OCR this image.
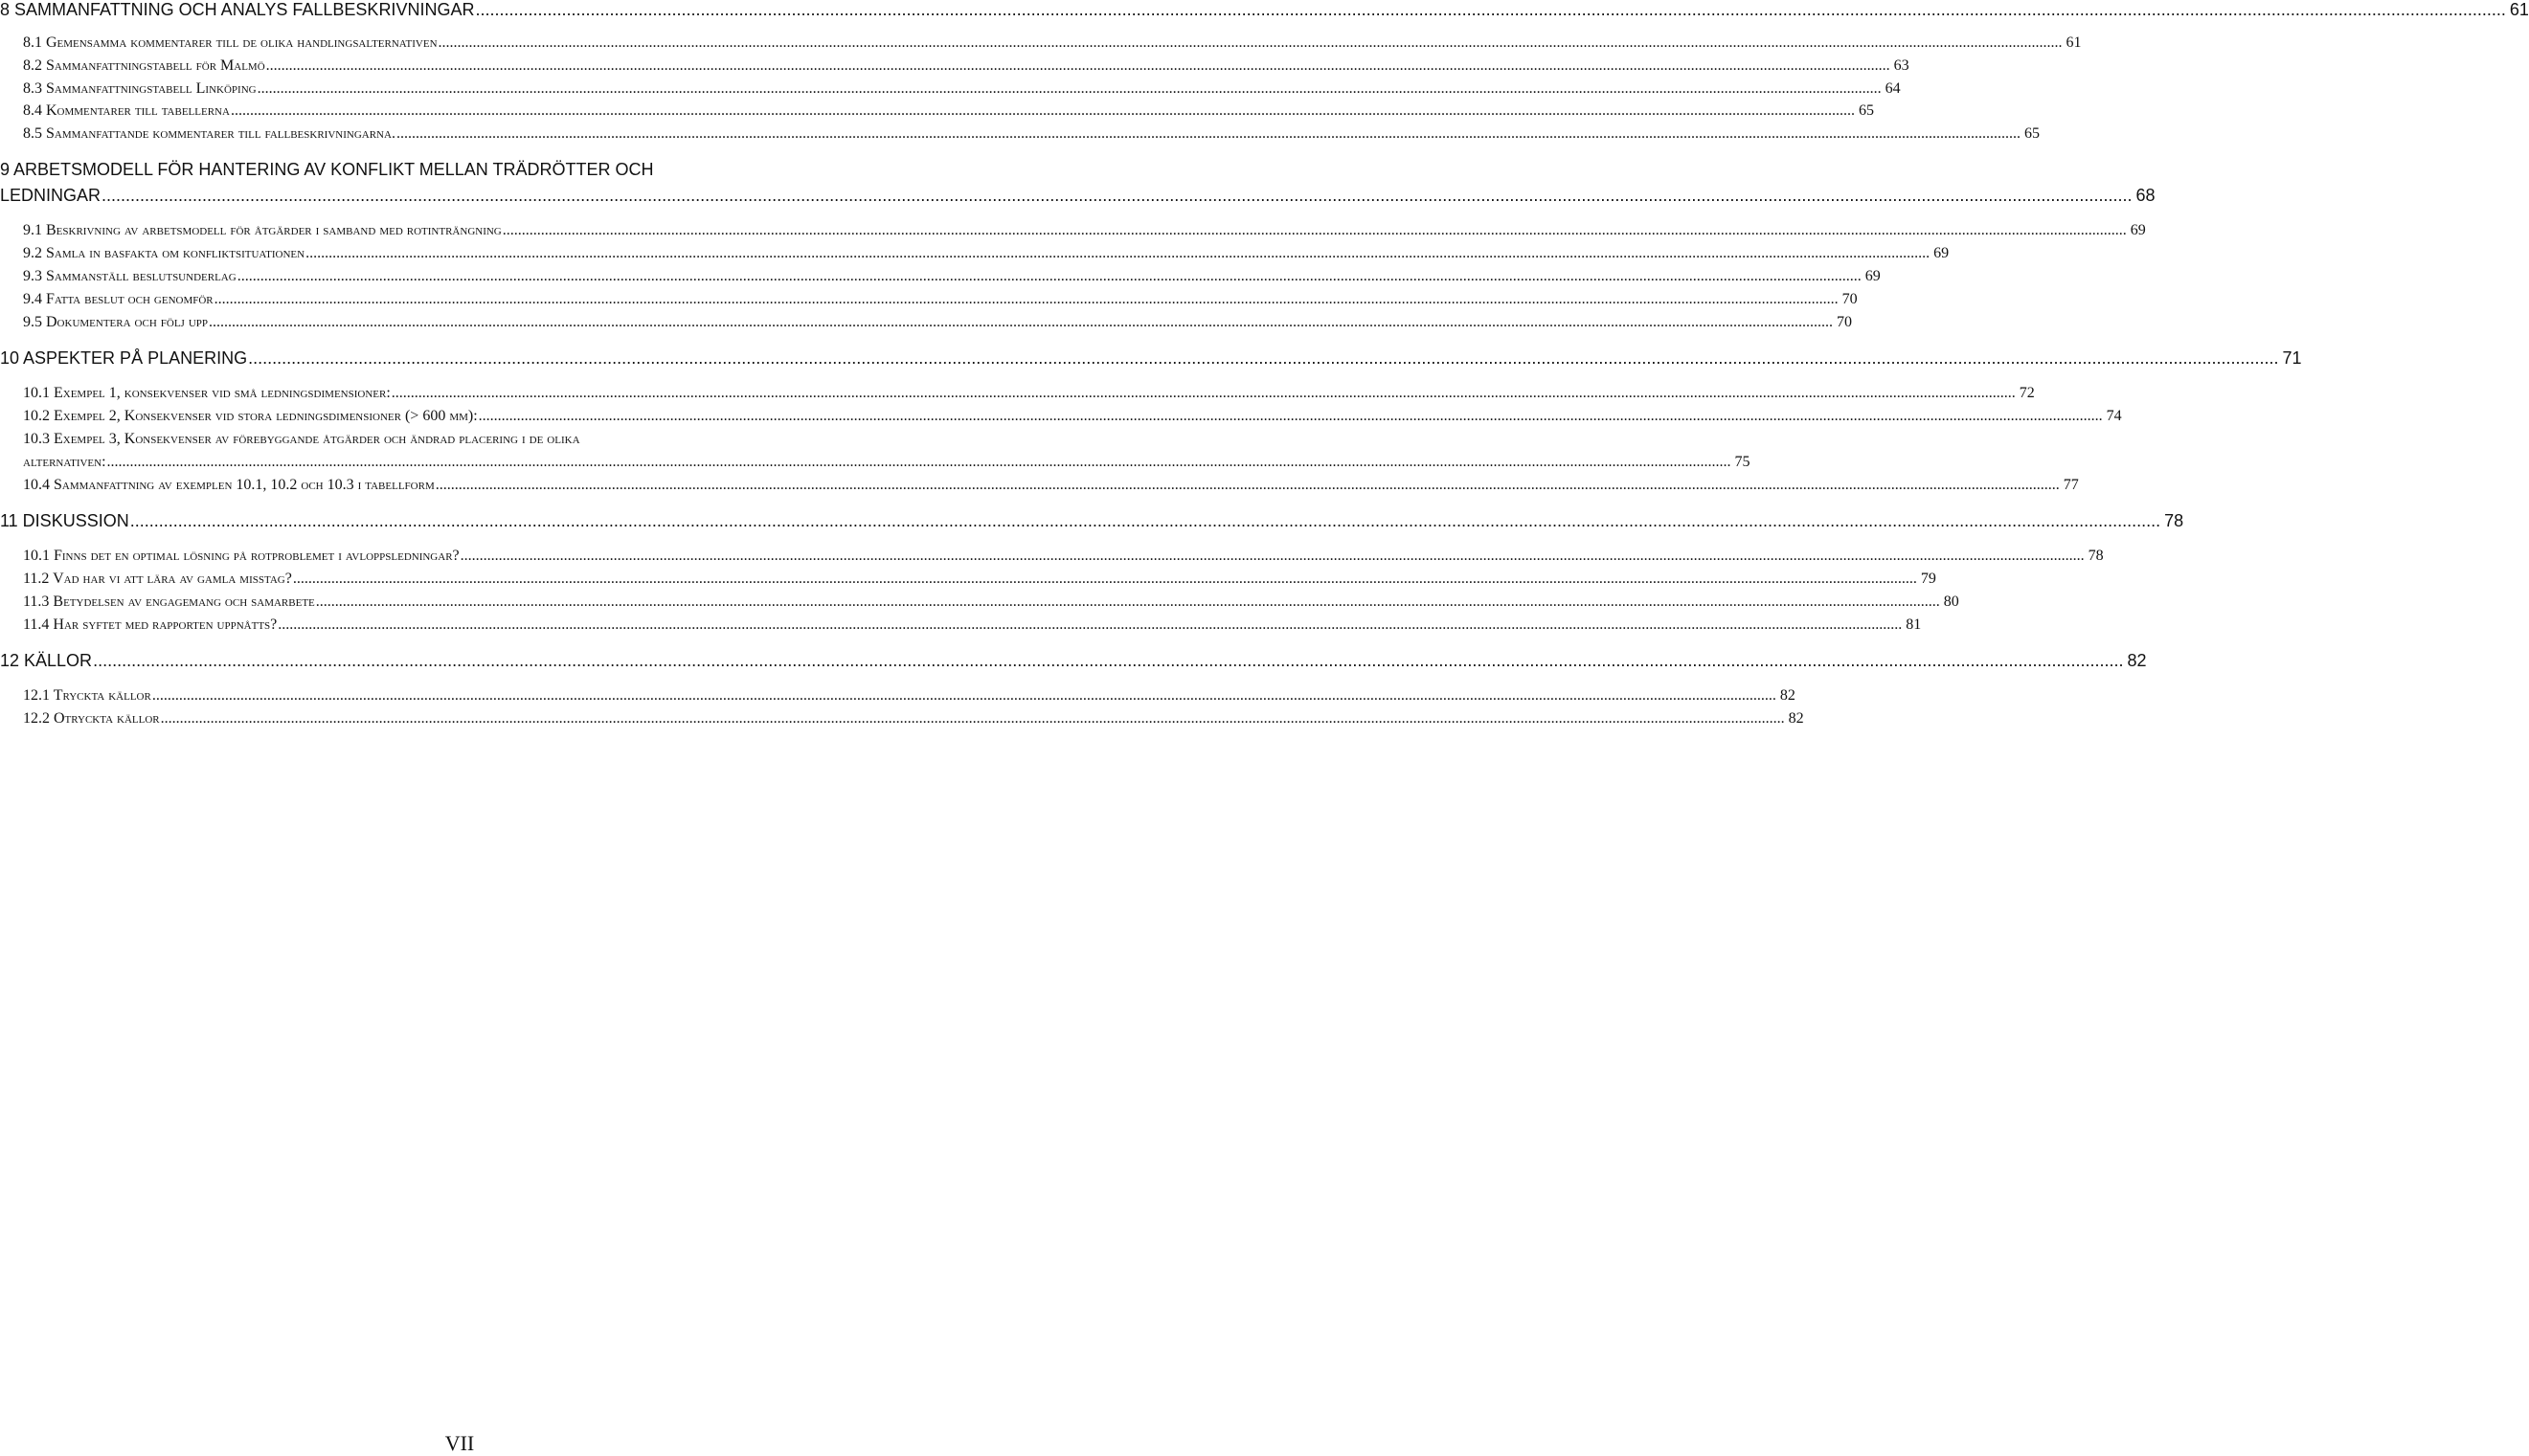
8 SAMMANFATTNING OCH ANALYS FALLBESKRIVNINGAR .....	61
8.1 Gemensamma kommentarer till de olika handlingsalternativen .....	61
8.2 Sammanfattningstabell för Malmö .....	63
8.3 Sammanfattningstabell Linköping .....	64
8.4 Kommentarer till tabellerna .....	65
8.5 Sammanfattande kommentarer till fallbeskrivningarna. .....	65
9 ARBETSMODELL FÖR HANTERING AV KONFLIKT MELLAN TRÄDRÖTTER OCH
LEDNINGAR .....	68
9.1 Beskrivning av arbetsmodell för åtgärder i samband med rotinträngning .....	69
9.2 Samla in basfakta om konfliktsituationen .....	69
9.3 Sammanställ beslutsunderlag .....	69
9.4 Fatta beslut och genomför .....	70
9.5 Dokumentera och följ upp .....	70
10 ASPEKTER PÅ PLANERING .....	71
10.1 Exempel 1, konsekvenser vid små ledningsdimensioner: .....	72
10.2 Exempel 2, Konsekvenser vid stora ledningsdimensioner (> 600 mm): .....	74
10.3 Exempel 3, Konsekvenser av förebyggande åtgärder och ändrad placering i de olika
alternativen: .....	75
10.4 Sammanfattning av exemplen 10.1, 10.2 och 10.3 i tabellform .....	77
11 DISKUSSION .....	78
10.1 Finns det en optimal lösning på rotproblemet i avloppsledningar? .....	78
11.2 Vad har vi att lära av gamla misstag? .....	79
11.3 Betydelsen av engagemang och samarbete .....	80
11.4 Har syftet med rapporten uppnåtts? .....	81
12 KÄLLOR .....	82
12.1 Tryckta källor .....	82
12.2 Otryckta källor .....	82
VII
